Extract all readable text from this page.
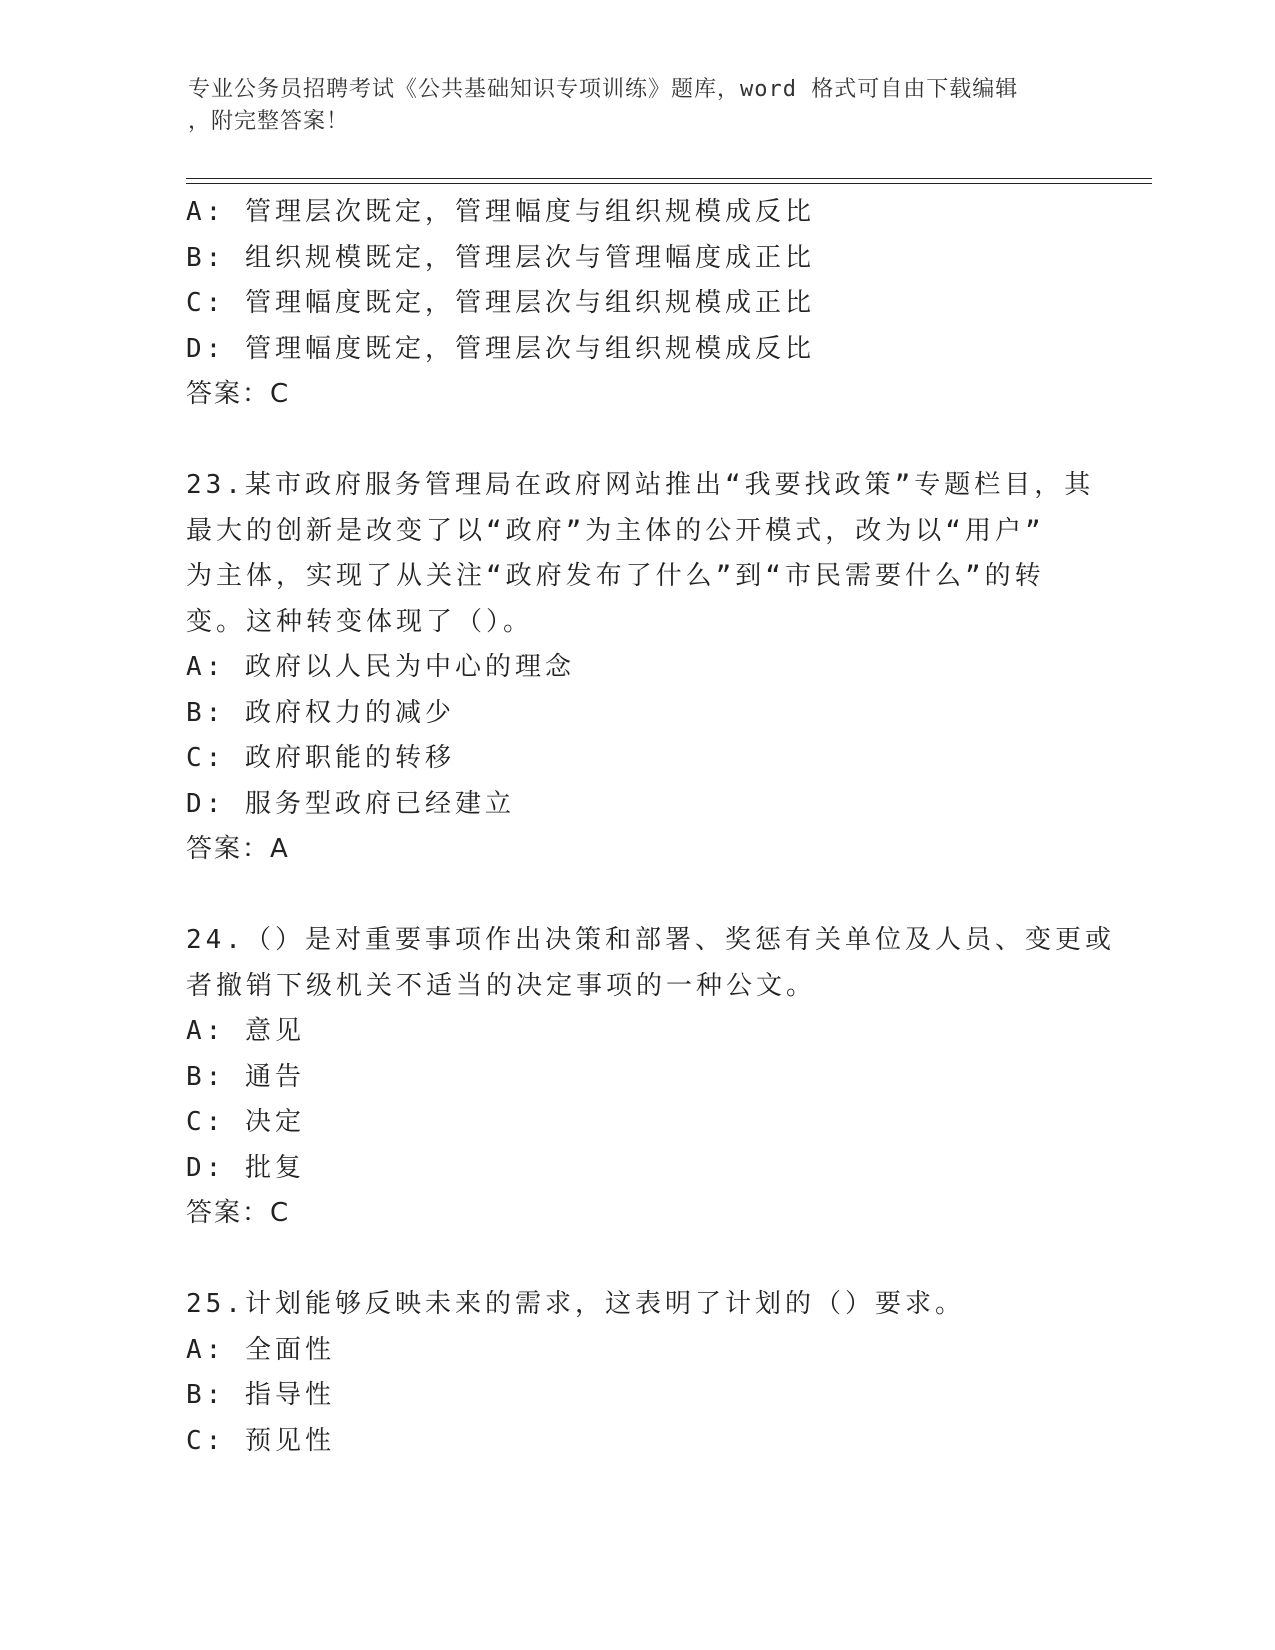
专业公务员招聘考试《公共基础知识专项训练》题库，word 格式可自由下载编辑
，附完整答案！
A: 管理层次既定，管理幅度与组织规模成反比
B: 组织规模既定，管理层次与管理幅度成正比
C: 管理幅度既定，管理层次与组织规模成正比
D: 管理幅度既定，管理层次与组织规模成反比
答案：C
23.某市政府服务管理局在政府网站推出“我要找政策”专题栏目，其
最大的创新是改变了以“政府”为主体的公开模式，改为以“用户”
为主体，实现了从关注“政府发布了什么”到“市民需要什么”的转
变。这种转变体现了（）。
A: 政府以人民为中心的理念
B: 政府权力的减少
C: 政府职能的转移
D: 服务型政府已经建立
答案：A
24.（）是对重要事项作出决策和部署、奖惩有关单位及人员、变更或
者撤销下级机关不适当的决定事项的一种公文。
A: 意见
B: 通告
C: 决定
D: 批复
答案：C
25.计划能够反映未来的需求，这表明了计划的（）要求。
A: 全面性
B: 指导性
C: 预见性
